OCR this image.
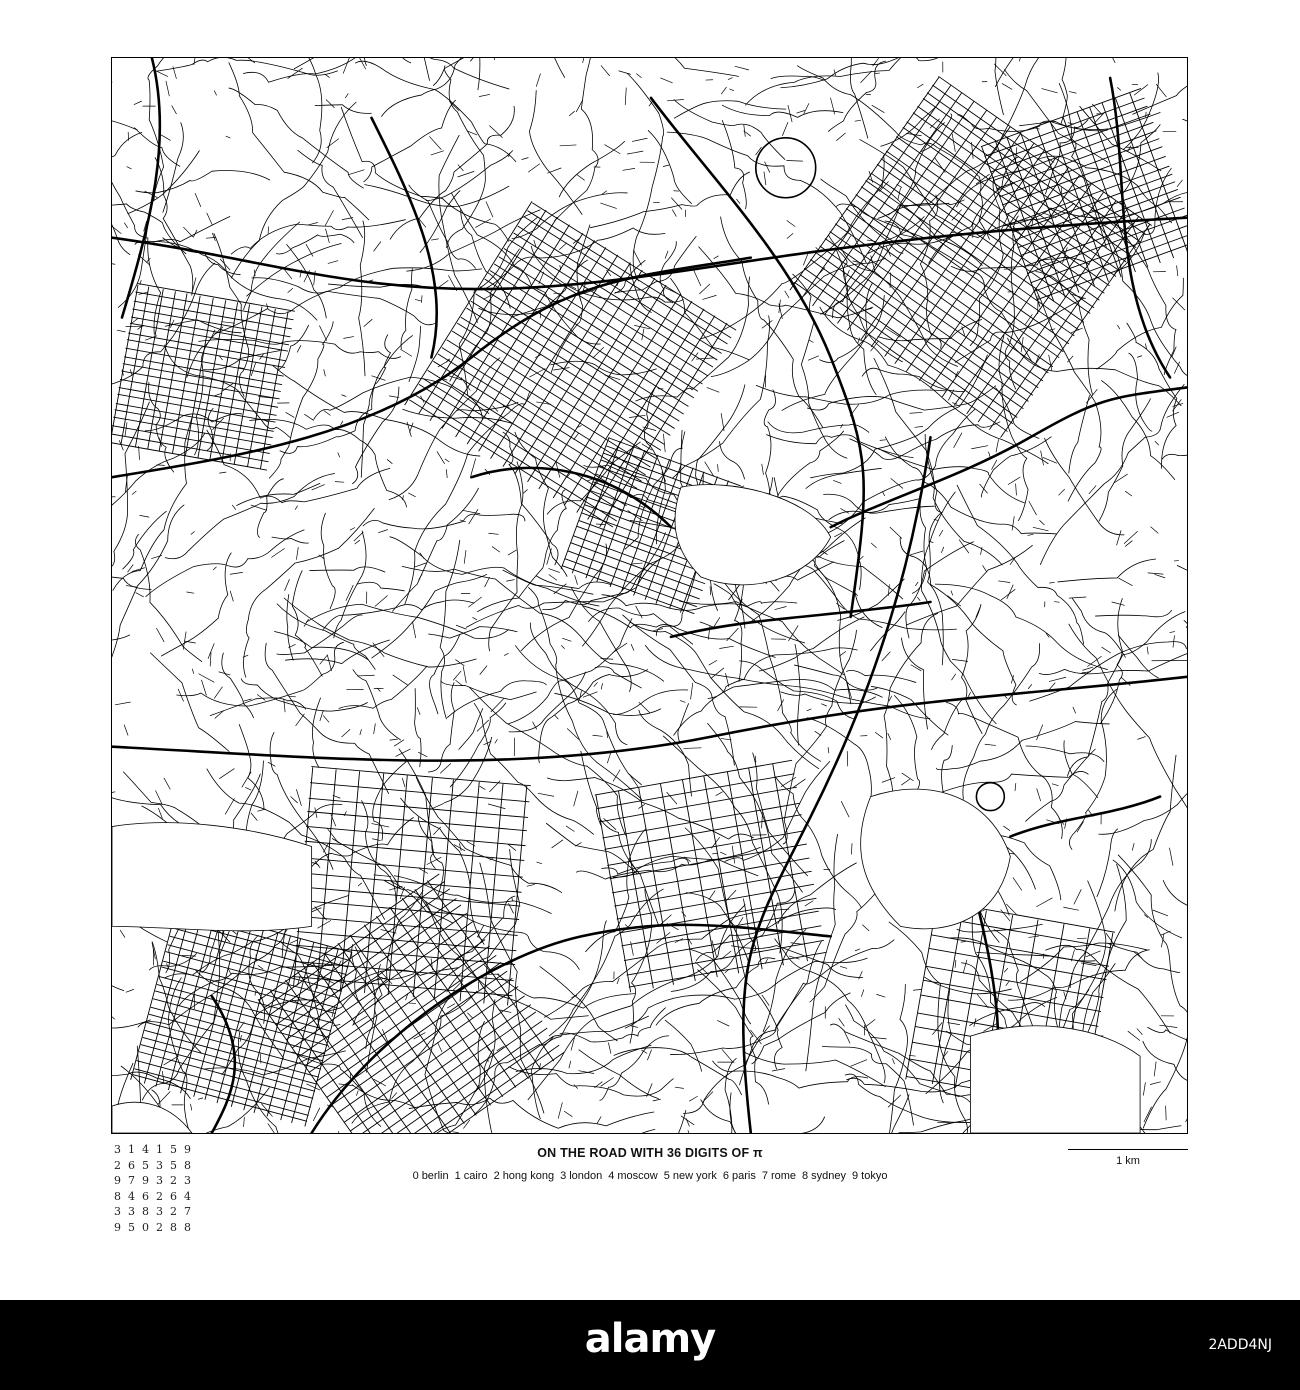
3 1 4 1 5 9
2 6 5 3 5 8
9 7 9 3 2 3
8 4 6 2 6 4
3 3 8 3 2 7
9 5 0 2 8 8
ON THE ROAD WITH 36 DIGITS OF π
0 berlin 1 cairo 2 hong kong 3 london 4 moscow 5 new york 6 paris 7 rome 8 sydney 9 tokyo
1 km
alamy	2ADD4NJ
